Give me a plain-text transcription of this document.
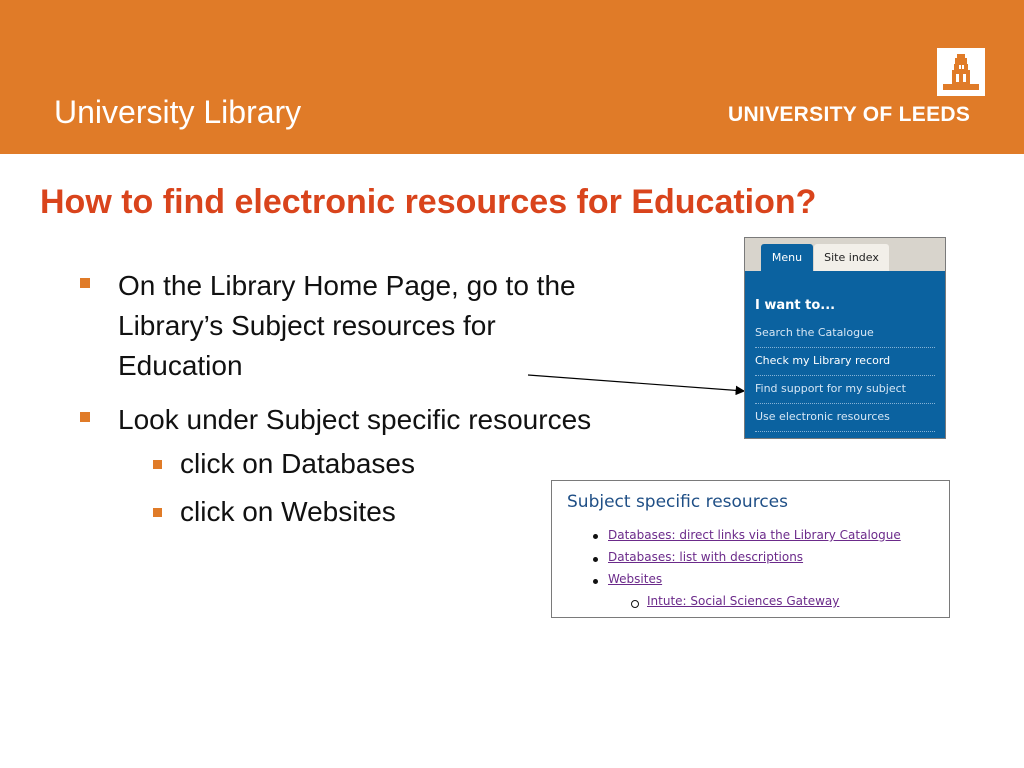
University Library	UNIVERSITY OF LEEDS
How to find electronic resources for Education?
On the Library Home Page, go to the Library’s Subject resources for Education
Look under Subject specific resources
click on Databases
click on Websites
Menu	Site index
I want to...
Search the Catalogue
Check my Library record
Find support for my subject
Use electronic resources
Subject specific resources
Databases: direct links via the Library Catalogue
Databases: list with descriptions
Websites
Intute: Social Sciences Gateway
